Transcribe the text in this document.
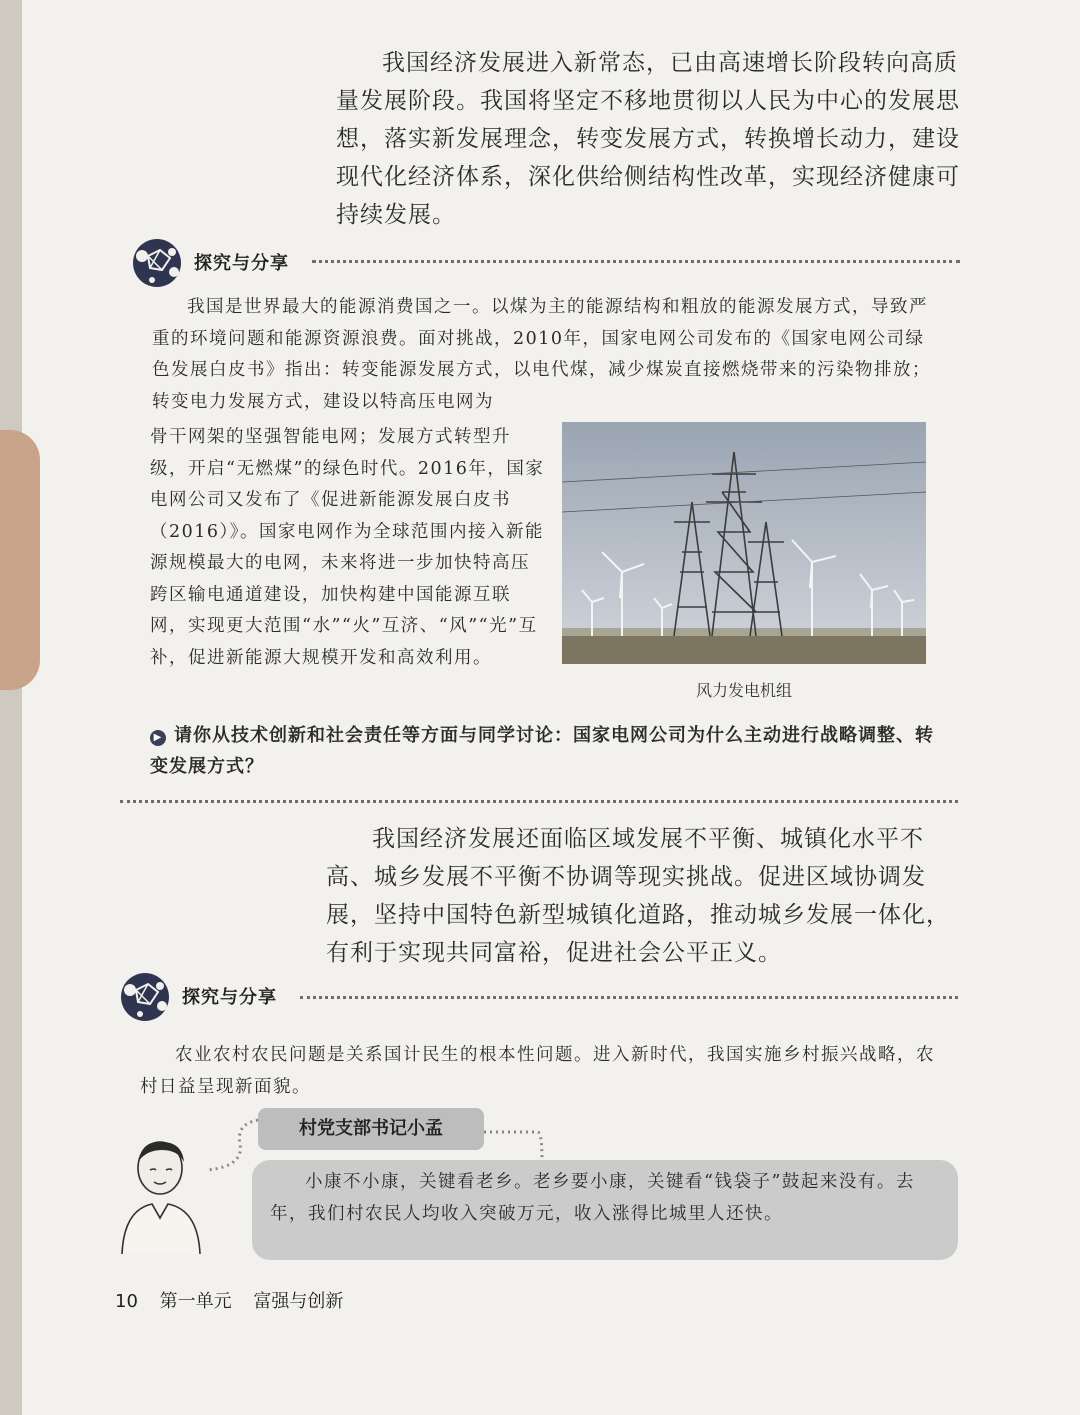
我国经济发展进入新常态，已由高速增长阶段转向高质量发展阶段。我国将坚定不移地贯彻以人民为中心的发展思想，落实新发展理念，转变发展方式，转换增长动力，建设现代化经济体系，深化供给侧结构性改革，实现经济健康可持续发展。

探究与分享

我国是世界最大的能源消费国之一。以煤为主的能源结构和粗放的能源发展方式，导致严重的环境问题和能源资源浪费。面对挑战，2010年，国家电网公司发布的《国家电网公司绿色发展白皮书》指出：转变能源发展方式，以电代煤，减少煤炭直接燃烧带来的污染物排放；转变电力发展方式，建设以特高压电网为

骨干网架的坚强智能电网；发展方式转型升级，开启“无燃煤”的绿色时代。2016年，国家电网公司又发布了《促进新能源发展白皮书（2016）》。国家电网作为全球范围内接入新能源规模最大的电网，未来将进一步加快特高压跨区输电通道建设，加快构建中国能源互联网，实现更大范围“水”“火”互济、“风”“光”互补，促进新能源大规模开发和高效利用。

风力发电机组

▶ 请你从技术创新和社会责任等方面与同学讨论：国家电网公司为什么主动进行战略调整、转变发展方式？

我国经济发展还面临区域发展不平衡、城镇化水平不高、城乡发展不平衡不协调等现实挑战。促进区域协调发展，坚持中国特色新型城镇化道路，推动城乡发展一体化，有利于实现共同富裕，促进社会公平正义。

探究与分享

农业农村农民问题是关系国计民生的根本性问题。进入新时代，我国实施乡村振兴战略，农村日益呈现新面貌。

村党支部书记小孟

小康不小康，关键看老乡。老乡要小康，关键看“钱袋子”鼓起来没有。去年，我们村农民人均收入突破万元，收入涨得比城里人还快。

10 第一单元 富强与创新
